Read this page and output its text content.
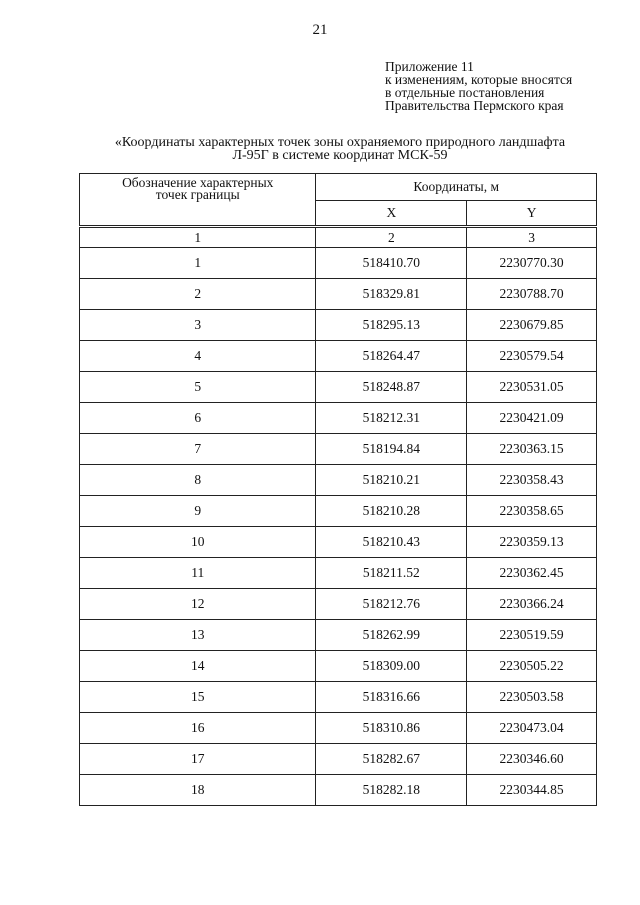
21
Приложение 11
к изменениям, которые вносятся
в отдельные постановления
Правительства Пермского края
«Координаты характерных точек зоны охраняемого природного ландшафта
Л-95Г в системе координат МСК-59
Обозначение характерных
точек границы	Координаты, м	
	X	Y
1	2	3
1	518410.70	2230770.30
2	518329.81	2230788.70
3	518295.13	2230679.85
4	518264.47	2230579.54
5	518248.87	2230531.05
6	518212.31	2230421.09
7	518194.84	2230363.15
8	518210.21	2230358.43
9	518210.28	2230358.65
10	518210.43	2230359.13
11	518211.52	2230362.45
12	518212.76	2230366.24
13	518262.99	2230519.59
14	518309.00	2230505.22
15	518316.66	2230503.58
16	518310.86	2230473.04
17	518282.67	2230346.60
18	518282.18	2230344.85
